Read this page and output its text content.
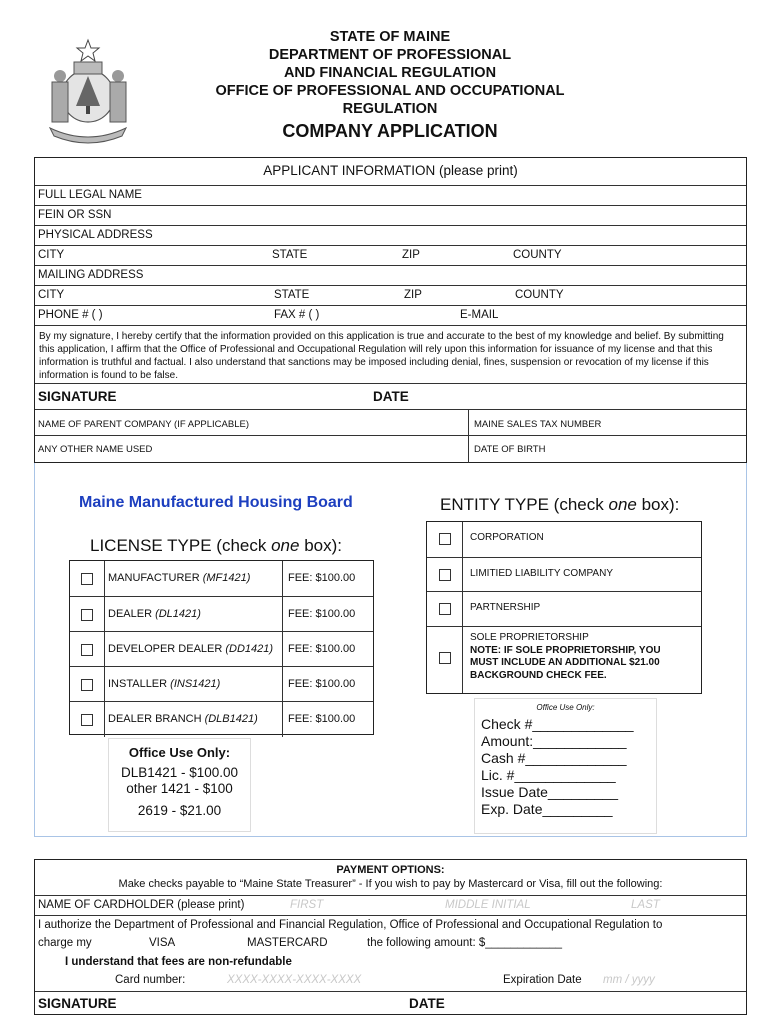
STATE OF MAINE
DEPARTMENT OF PROFESSIONAL
AND FINANCIAL REGULATION
OFFICE OF PROFESSIONAL AND OCCUPATIONAL
REGULATION
COMPANY APPLICATION
APPLICANT INFORMATION (please print)
FULL LEGAL NAME
FEIN OR SSN
PHYSICAL ADDRESS
CITY	STATE	ZIP	COUNTY
MAILING ADDRESS
CITY	STATE	ZIP	COUNTY
PHONE # ( )	FAX # ( )	E-MAIL
By my signature, I hereby certify that the information provided on this application is true and accurate to the best of my knowledge and belief. By submitting this application, I affirm that the Office of Professional and Occupational Regulation will rely upon this information for issuance of my license and that this information is truthful and factual. I also understand that sanctions may be imposed including denial, fines, suspension or revocation of my license if this information is found to be false.
SIGNATURE	DATE
NAME OF PARENT COMPANY (IF APPLICABLE)	MAINE SALES TAX NUMBER
ANY OTHER NAME USED	DATE OF BIRTH
Maine Manufactured Housing Board
LICENSE TYPE (check one box):
MANUFACTURER (MF1421)	FEE: $100.00
DEALER (DL1421)	FEE: $100.00
DEVELOPER DEALER (DD1421) FEE: $100.00
INSTALLER (INS1421)	FEE: $100.00
DEALER BRANCH (DLB1421)	FEE: $100.00
Office Use Only:
DLB1421 - $100.00
other 1421 - $100
2619 - $21.00
ENTITY TYPE (check one box):
CORPORATION
LIMITIED LIABILITY COMPANY
PARTNERSHIP
SOLE PROPRIETORSHIP
NOTE: IF SOLE PROPRIETORSHIP, YOU
MUST INCLUDE AN ADDITIONAL $21.00
BACKGROUND CHECK FEE.
Office Use Only:
Check #_____________
Amount:____________
Cash #_____________
Lic. #_____________
Issue Date_________
Exp. Date_________
PAYMENT OPTIONS:
Make checks payable to “Maine State Treasurer” - If you wish to pay by Mastercard or Visa, fill out the following:
NAME OF CARDHOLDER (please print)	FIRST	MIDDLE INITIAL	LAST
I authorize the Department of Professional and Financial Regulation, Office of Professional and Occupational Regulation to
charge my	VISA	MASTERCARD	the following amount: $____________
I understand that fees are non-refundable
Card number:	XXXX-XXXX-XXXX-XXXX	Expiration Date mm / yyyy
SIGNATURE	DATE
